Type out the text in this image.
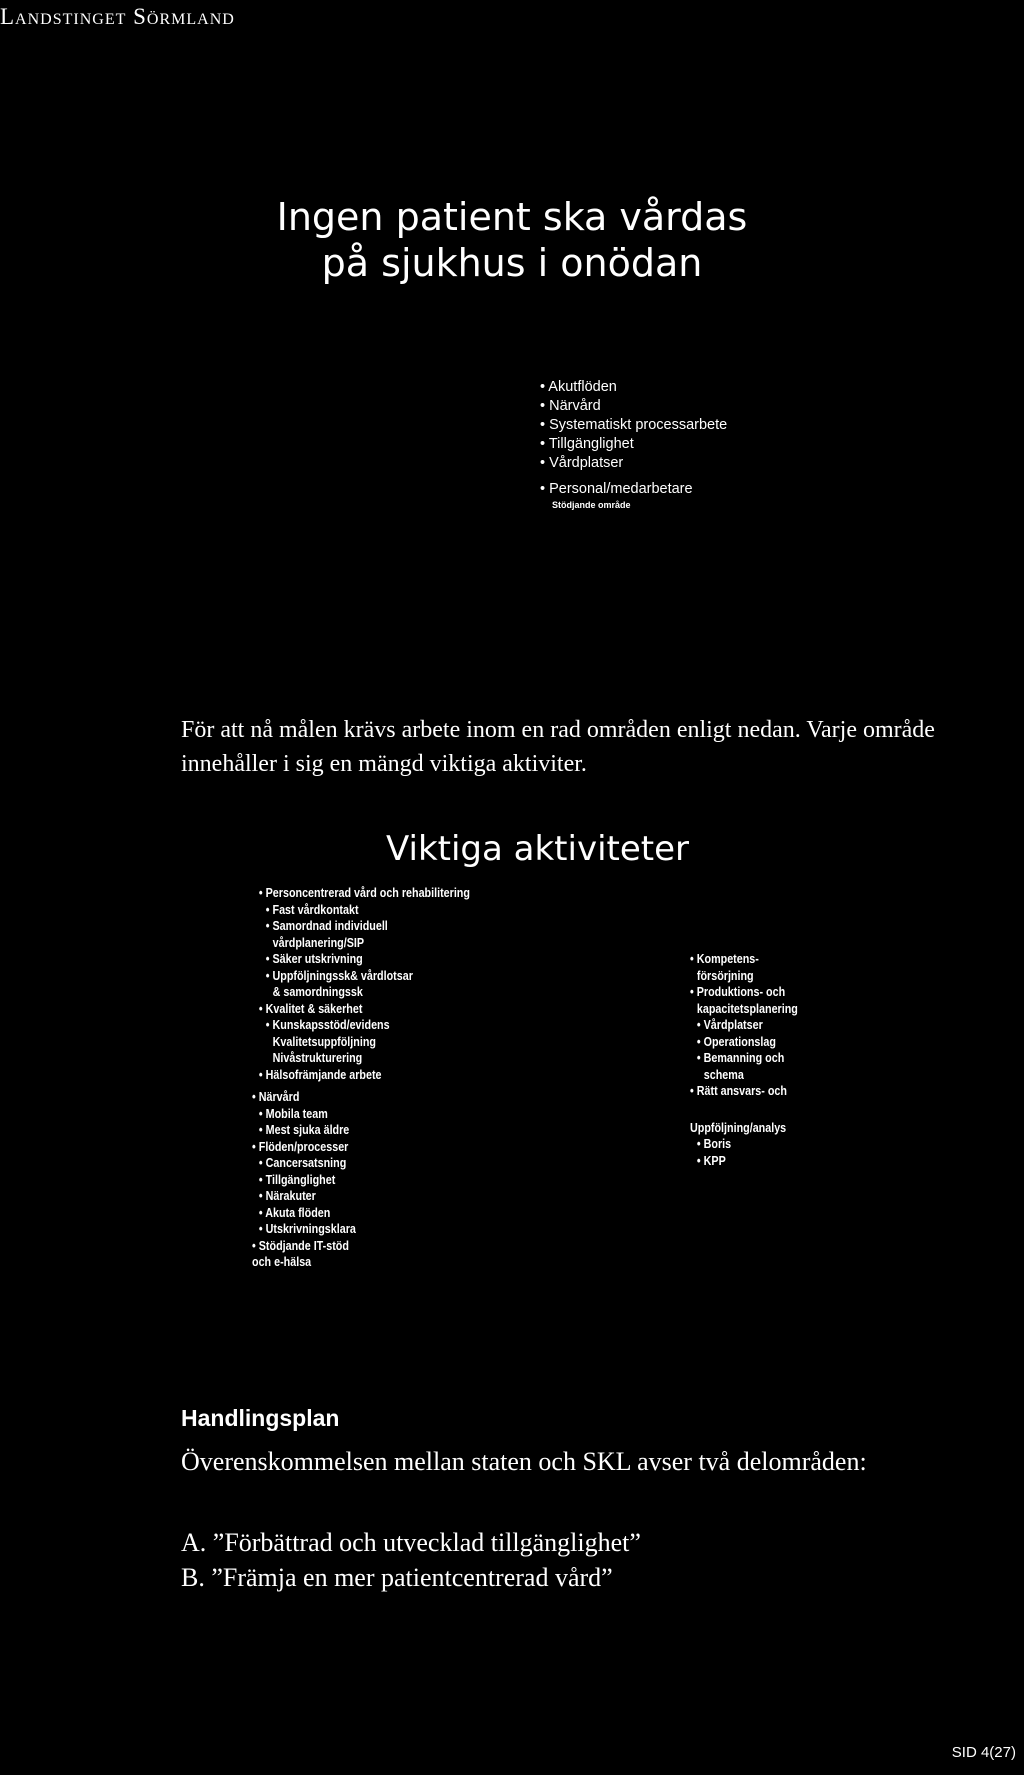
Landstinget Sörmland
Ingen patient ska vårdas
på sjukhus i onödan
• Akutflöden
• Närvård
• Systematiskt processarbete
• Tillgänglighet
• Vårdplatser
• Personal/medarbetare
Stödjande område
För att nå målen krävs arbete inom en rad områden enligt nedan. Varje område innehåller i sig en mängd viktiga aktiviter.
Viktiga aktiviteter
• Personcentrerad vård och rehabilitering
• Fast vårdkontakt
• Samordnad individuell
vårdplanering/SIP
• Säker utskrivning
• Uppföljningssk& vårdlotsar
& samordningssk
• Kvalitet & säkerhet
• Kunskapsstöd/evidens
Kvalitetsuppföljning
Nivåstrukturering
• Hälsofrämjande arbete
• Närvård
• Mobila team
• Mest sjuka äldre
• Flöden/processer
• Cancersatsning
• Tillgänglighet
• Närakuter
• Akuta flöden
• Utskrivningsklara
• Stödjande IT-stöd
och e-hälsa
• Kompetens-
försörjning
• Produktions- och
kapacitetsplanering
• Vårdplatser
• Operationslag
• Bemanning och
schema
• Rätt ansvars- och
Uppföljning/analys
• Boris
• KPP
Handlingsplan
Överenskommelsen mellan staten och SKL avser två delområden:
A. ”Förbättrad och utvecklad tillgänglighet”
B. ”Främja en mer patientcentrerad vård”
SID 4(27)
